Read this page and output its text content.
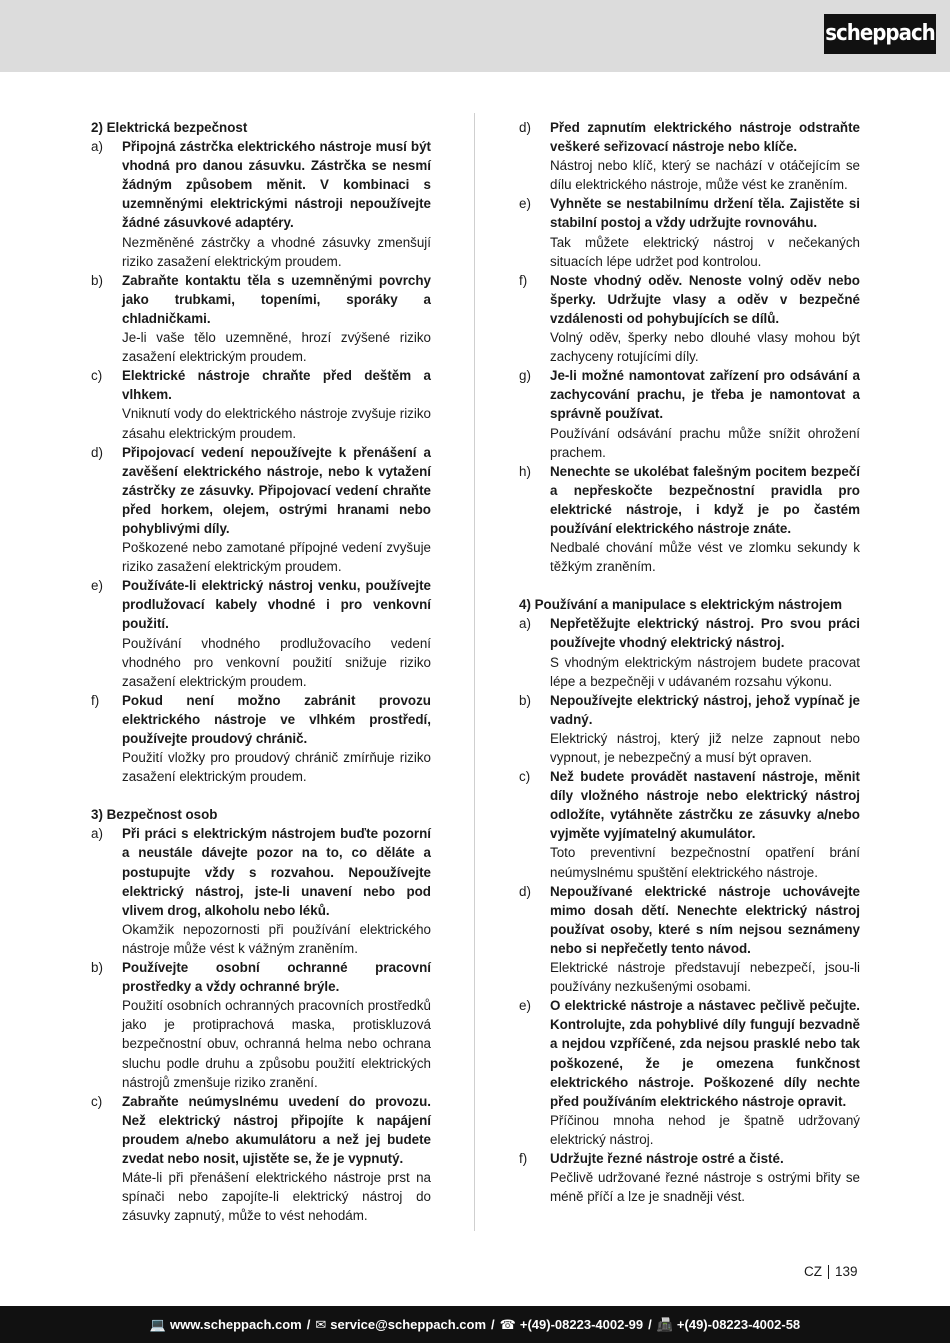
scheppach
2) Elektrická bezpečnost
a)	Připojná zástrčka elektrického nástroje musí být vhodná pro danou zásuvku. Zástrčka se nesmí žádným způsobem měnit. V kombinaci s uzemněnými elektrickými nástroji nepoužívejte žádné zásuvkové adaptéry.
Nezměněné zástrčky a vhodné zásuvky zmenšují riziko zasažení elektrickým proudem.
b)	Zabraňte kontaktu těla s uzemněnými povrchy jako trubkami, topeními, sporáky a chladničkami.
Je-li vaše tělo uzemněné, hrozí zvýšené riziko zasažení elektrickým proudem.
c)	Elektrické nástroje chraňte před deštěm a vlhkem.
Vniknutí vody do elektrického nástroje zvyšuje riziko zásahu elektrickým proudem.
d)	Připojovací vedení nepoužívejte k přenášení a zavěšení elektrického nástroje, nebo k vytažení zástrčky ze zásuvky. Připojovací vedení chraňte před horkem, olejem, ostrými hranami nebo pohyblivými díly.
Poškozené nebo zamotané přípojné vedení zvyšuje riziko zasažení elektrickým proudem.
e)	Používáte-li elektrický nástroj venku, používejte prodlužovací kabely vhodné i pro venkovní použití.
Používání vhodného prodlužovacího vedení vhodného pro venkovní použití snižuje riziko zasažení elektrickým proudem.
f)	Pokud není možno zabránit provozu elektrického nástroje ve vlhkém prostředí, používejte proudový chránič.
Použití vložky pro proudový chránič zmírňuje riziko zasažení elektrickým proudem.
3) Bezpečnost osob
a)	Při práci s elektrickým nástrojem buďte pozorní a neustále dávejte pozor na to, co děláte a postupujte vždy s rozvahou. Nepoužívejte elektrický nástroj, jste-li unavení nebo pod vlivem drog, alkoholu nebo léků.
Okamžik nepozornosti při používání elektrického nástroje může vést k vážným zraněním.
b)	Používejte osobní ochranné pracovní prostředky a vždy ochranné brýle.
Použití osobních ochranných pracovních prostředků jako je protiprachová maska, protiskluzová bezpečnostní obuv, ochranná helma nebo ochrana sluchu podle druhu a způsobu použití elektrických nástrojů zmenšuje riziko zranění.
c)	Zabraňte neúmyslnému uvedení do provozu. Než elektrický nástroj připojíte k napájení proudem a/nebo akumulátoru a než jej budete zvedat nebo nosit, ujistěte se, že je vypnutý.
Máte-li při přenášení elektrického nástroje prst na spínači nebo zapojíte-li elektrický nástroj do zásuvky zapnutý, může to vést nehodám.
d)	Před zapnutím elektrického nástroje odstraňte veškeré seřizovací nástroje nebo klíče.
Nástroj nebo klíč, který se nachází v otáčejícím se dílu elektrického nástroje, může vést ke zraněním.
e)	Vyhněte se nestabilnímu držení těla. Zajistěte si stabilní postoj a vždy udržujte rovnováhu.
Tak můžete elektrický nástroj v nečekaných situacích lépe udržet pod kontrolou.
f)	Noste vhodný oděv. Nenoste volný oděv nebo šperky. Udržujte vlasy a oděv v bezpečné vzdálenosti od pohybujících se dílů.
Volný oděv, šperky nebo dlouhé vlasy mohou být zachyceny rotujícími díly.
g)	Je-li možné namontovat zařízení pro odsávání a zachycování prachu, je třeba je namontovat a správně používat.
Používání odsávání prachu může snížit ohrožení prachem.
h)	Nenechte se ukolébat falešným pocitem bezpečí a nepřeskočte bezpečnostní pravidla pro elektrické nástroje, i když je po častém používání elektrického nástroje znáte.
Nedbalé chování může vést ve zlomku sekundy k těžkým zraněním.
4) Používání a manipulace s elektrickým nástrojem
a)	Nepřetěžujte elektrický nástroj. Pro svou práci používejte vhodný elektrický nástroj.
S vhodným elektrickým nástrojem budete pracovat lépe a bezpečněji v udávaném rozsahu výkonu.
b)	Nepoužívejte elektrický nástroj, jehož vypínač je vadný.
Elektrický nástroj, který již nelze zapnout nebo vypnout, je nebezpečný a musí být opraven.
c)	Než budete provádět nastavení nástroje, měnit díly vložného nástroje nebo elektrický nástroj odložíte, vytáhněte zástrčku ze zásuvky a/nebo vyjměte vyjímatelný akumulátor.
Toto preventivní bezpečnostní opatření brání neúmyslnému spuštění elektrického nástroje.
d)	Nepoužívané elektrické nástroje uchovávejte mimo dosah dětí. Nenechte elektrický nástroj používat osoby, které s ním nejsou seznámeny nebo si nepřečetly tento návod.
Elektrické nástroje představují nebezpečí, jsou-li používány nezkušenými osobami.
e)	O elektrické nástroje a nástavec pečlivě pečujte. Kontrolujte, zda pohyblivé díly fungují bezvadně a nejdou vzpříčené, zda nejsou prasklé nebo tak poškozené, že je omezena funkčnost elektrického nástroje. Poškozené díly nechte před používáním elektrického nástroje opravit.
Příčinou mnoha nehod je špatně udržovaný elektrický nástroj.
f)	Udržujte řezné nástroje ostré a čisté.
Pečlivě udržované řezné nástroje s ostrými břity se méně příčí a lze je snadněji vést.
CZ 139
💻 www.scheppach.com / ✉ service@scheppach.com / ☎ +(49)-08223-4002-99 / 📠 +(49)-08223-4002-58
